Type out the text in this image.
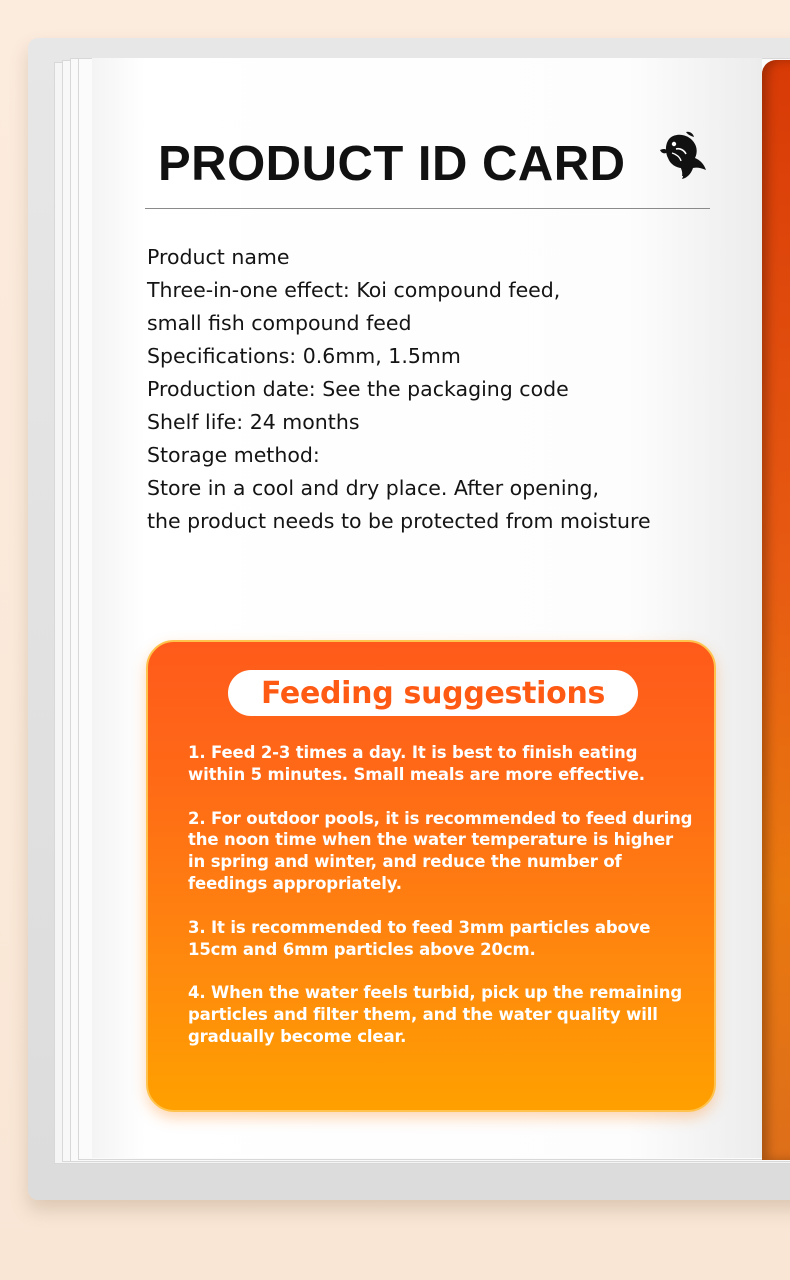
PRODUCT ID CARD
Product name
Three-in-one effect: Koi compound feed,
small fish compound feed
Specifications: 0.6mm, 1.5mm
Production date: See the packaging code
Shelf life: 24 months
Storage method:
Store in a cool and dry place. After opening,
the product needs to be protected from moisture
Feeding suggestions
1. Feed 2-3 times a day. It is best to finish eating within 5 minutes. Small meals are more effective.
2. For outdoor pools, it is recommended to feed during the noon time when the water temperature is higher in spring and winter, and reduce the number of feedings appropriately.
3. It is recommended to feed 3mm particles above 15cm and 6mm particles above 20cm.
4. When the water feels turbid, pick up the remaining particles and filter them, and the water quality will gradually become clear.
